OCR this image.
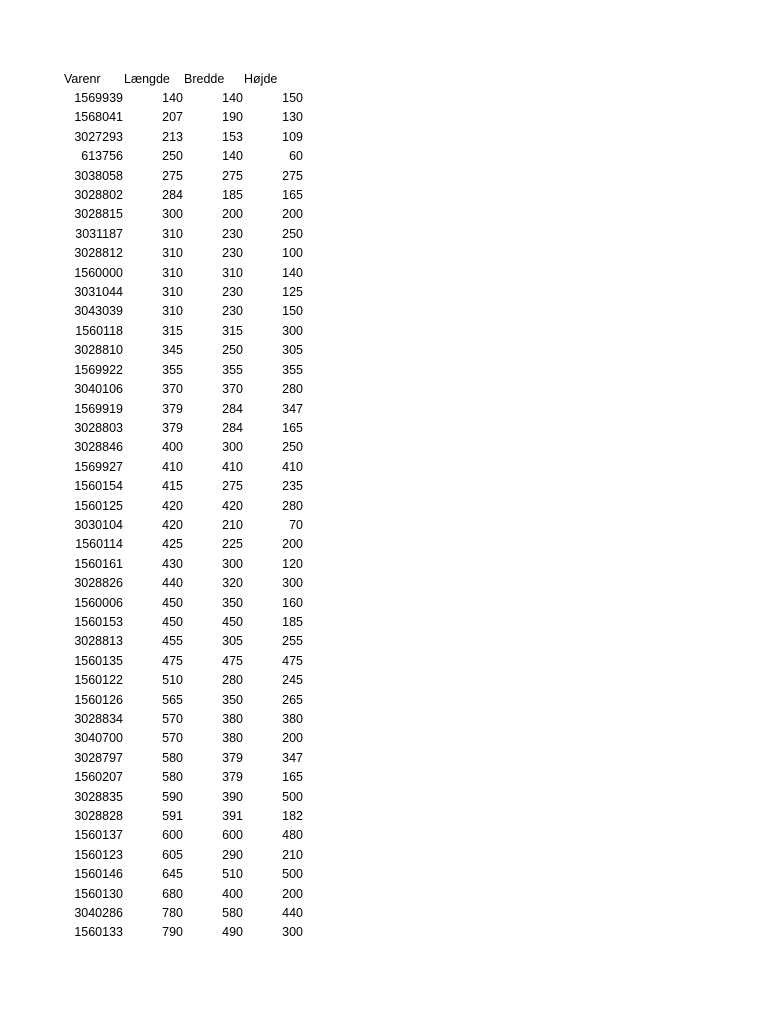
Varenr	Længde	Bredde	Højde
1569939	140	140	150
1568041	207	190	130
3027293	213	153	109
613756	250	140	60
3038058	275	275	275
3028802	284	185	165
3028815	300	200	200
3031187	310	230	250
3028812	310	230	100
1560000	310	310	140
3031044	310	230	125
3043039	310	230	150
1560118	315	315	300
3028810	345	250	305
1569922	355	355	355
3040106	370	370	280
1569919	379	284	347
3028803	379	284	165
3028846	400	300	250
1569927	410	410	410
1560154	415	275	235
1560125	420	420	280
3030104	420	210	70
1560114	425	225	200
1560161	430	300	120
3028826	440	320	300
1560006	450	350	160
1560153	450	450	185
3028813	455	305	255
1560135	475	475	475
1560122	510	280	245
1560126	565	350	265
3028834	570	380	380
3040700	570	380	200
3028797	580	379	347
1560207	580	379	165
3028835	590	390	500
3028828	591	391	182
1560137	600	600	480
1560123	605	290	210
1560146	645	510	500
1560130	680	400	200
3040286	780	580	440
1560133	790	490	300
